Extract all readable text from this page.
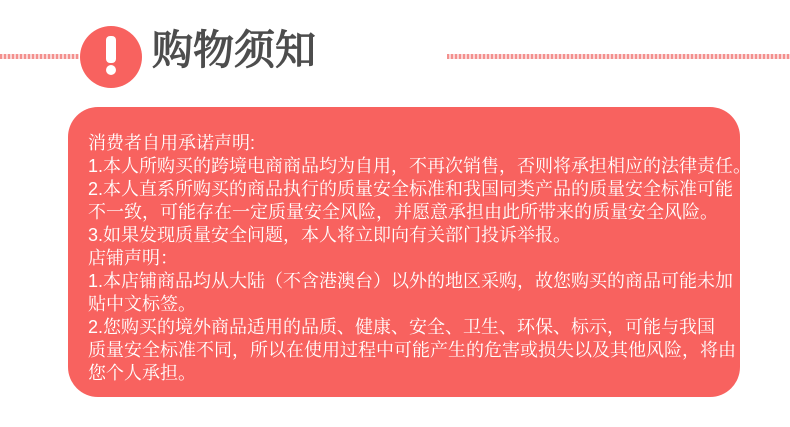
购物须知
消费者自用承诺声明:
1.本人所购买的跨境电商商品均为自用，不再次销售，否则将承担相应的法律责任。
2.本人直系所购买的商品执行的质量安全标准和我国同类产品的质量安全标准可能
不一致，可能存在一定质量安全风险，并愿意承担由此所带来的质量安全风险。
3.如果发现质量安全问题，本人将立即向有关部门投诉举报。
店铺声明：
1.本店铺商品均从大陆（不含港澳台）以外的地区采购，故您购买的商品可能未加
贴中文标签。
2.您购买的境外商品适用的品质、健康、安全、卫生、环保、标示，可能与我国
质量安全标准不同，所以在使用过程中可能产生的危害或损失以及其他风险，将由
您个人承担。
